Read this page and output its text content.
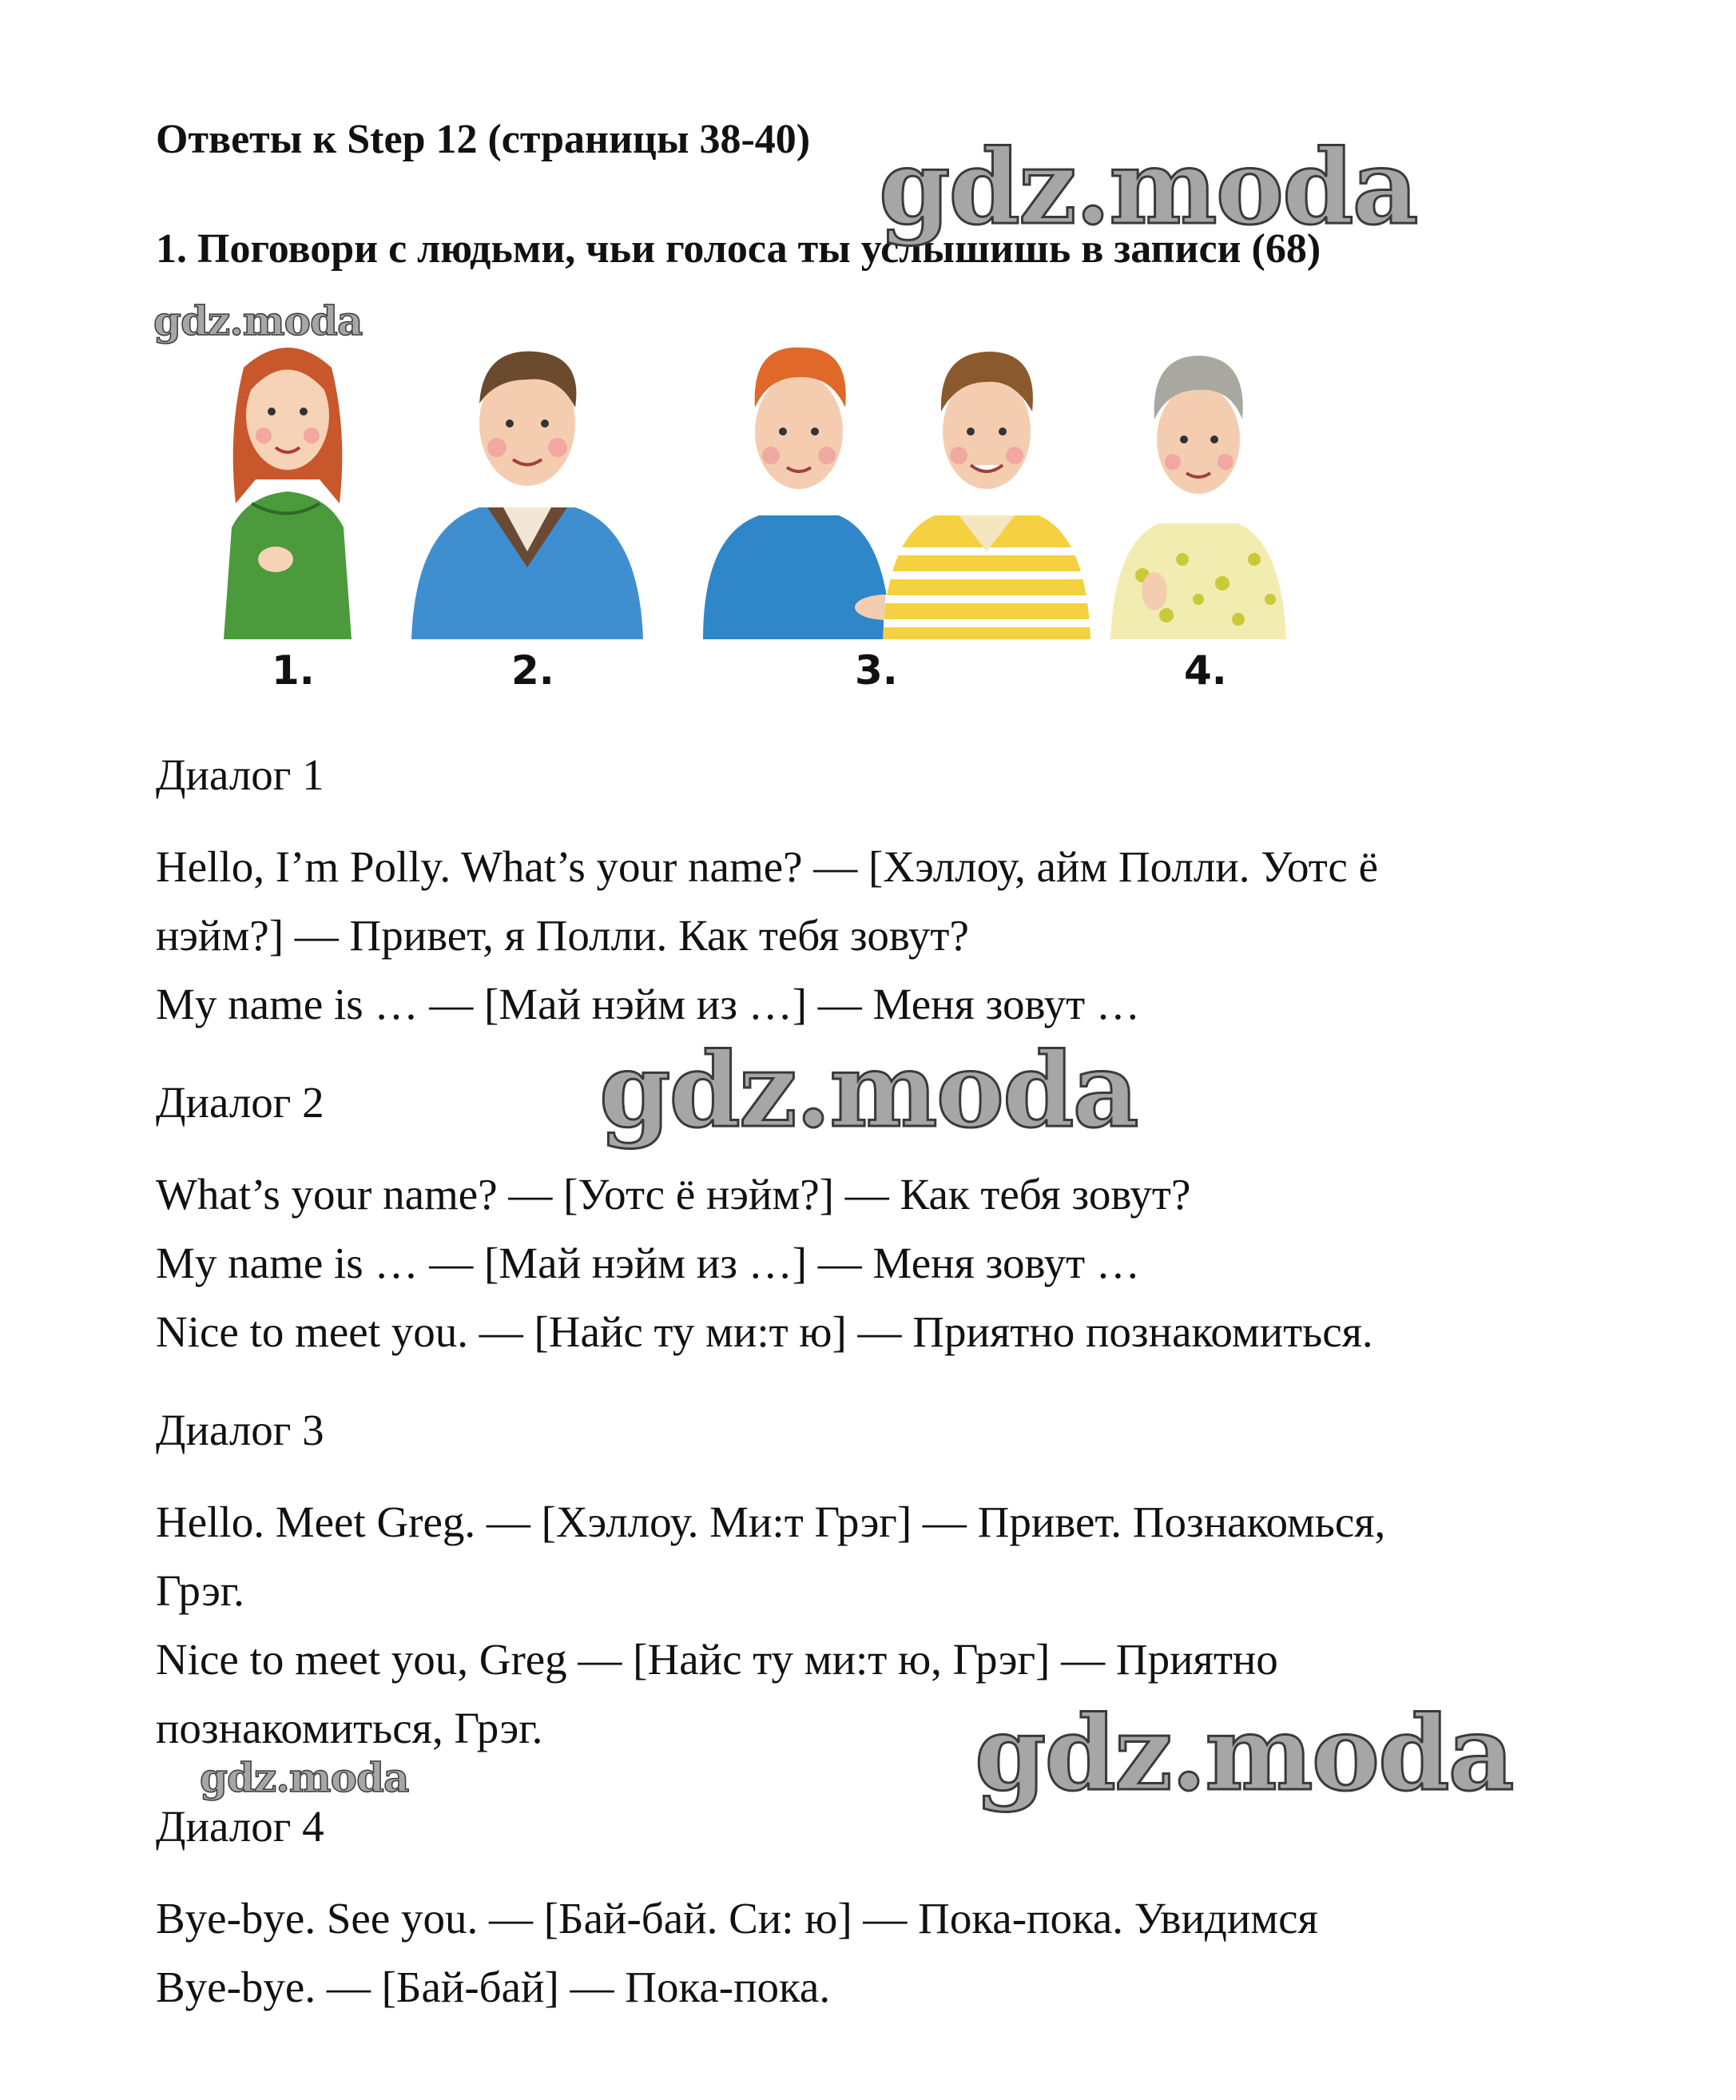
Ответы к Step 12 (страницы 38-40)
1. Поговори с людьми, чьи голоса ты услышишь в записи (68)
gdz.moda
gdz.moda
gdz.moda
gdz.moda
gdz.moda
1.	2.	3.	4.
Диалог 1
Hello, I’m Polly. What’s your name? — [Хэллоу, айм Полли. Уотс ё
нэйм?] — Привет, я Полли. Как тебя зовут?
My name is … — [Май нэйм из …] — Меня зовут …
Диалог 2
What’s your name? — [Уотс ё нэйм?] — Как тебя зовут?
My name is … — [Май нэйм из …] — Меня зовут …
Nice to meet you. — [Найс ту ми:т ю] — Приятно познакомиться.
Диалог 3
Hello. Meet Greg. — [Хэллоу. Ми:т Грэг] — Привет. Познакомься,
Грэг.
Nice to meet you, Greg — [Найс ту ми:т ю, Грэг] — Приятно
познакомиться, Грэг.
Диалог 4
Bye-bye. See you. — [Бай-бай. Си: ю] — Пока-пока. Увидимся
Bye-bye. — [Бай-бай] — Пока-пока.
